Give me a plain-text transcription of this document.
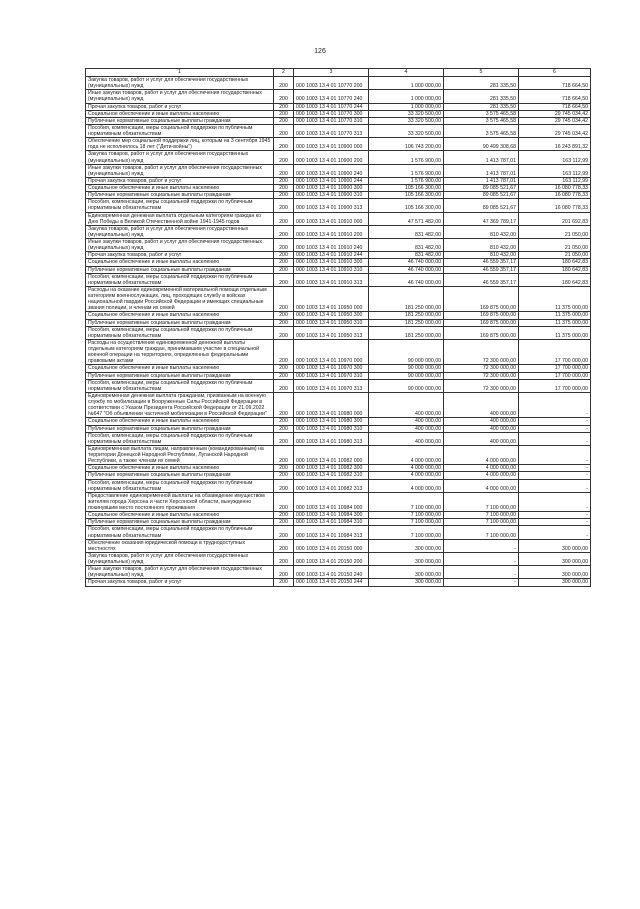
126
1	2	3	4	5	6
Закупка товаров, работ и услуг для обеспечения государственных (муниципальных) нужд	200	000 1003 13 4 01 10770 200	1 000 000,00	281 335,50	718 664,50
Иные закупки товаров, работ и услуг для обеспечения государственных (муниципальных) нужд	200	000 1003 13 4 01 10770 240	1 000 000,00	281 335,50	718 664,50
Прочая закупка товаров, работ и услуг	200	000 1003 13 4 01 10770 244	1 000 000,00	281 335,50	718 664,50
Социальное обеспечение и иные выплаты населению	200	000 1003 13 4 01 10770 300	33 320 500,00	3 575 465,58	29 745 034,42
Публичные нормативные социальные выплаты гражданам	200	000 1003 13 4 01 10770 310	33 320 500,00	3 575 465,58	29 745 034,42
Пособия, компенсации, меры социальной поддержки по публичным нормативным обязательствам	200	000 1003 13 4 01 10770 313	33 320 500,00	3 575 465,58	29 745 034,42
Обеспечение мер социальной поддержки лиц, которым на 3 сентября 1945 года не исполнилось 18 лет ("Дети-войны")	200	000 1003 13 4 01 10900 000	106 743 200,00	90 499 308,68	16 243 891,32
Закупка товаров, работ и услуг для обеспечения государственных (муниципальных) нужд	200	000 1003 13 4 01 10900 200	1 576 900,00	1 413 787,01	163 112,99
Иные закупки товаров, работ и услуг для обеспечения государственных (муниципальных) нужд	200	000 1003 13 4 01 10900 240	1 576 900,00	1 413 787,01	163 112,99
Прочая закупка товаров, работ и услуг	200	000 1003 13 4 01 10900 244	1 576 900,00	1 413 787,01	163 112,99
Социальное обеспечение и иные выплаты населению	200	000 1003 13 4 01 10900 300	105 166 300,00	89 085 521,67	16 080 778,33
Публичные нормативные социальные выплаты гражданам	200	000 1003 13 4 01 10900 310	105 166 300,00	89 085 521,67	16 080 778,33
Пособия, компенсации, меры социальной поддержки по публичным нормативным обязательствам	200	000 1003 13 4 01 10900 313	105 166 300,00	89 085 521,67	16 080 778,33
Единовременная денежная выплата отдельным категориям граждан ко Дню Победы в Великой Отечественной войне 1941-1945 годов	200	000 1003 13 4 01 10910 000	47 571 482,00	47 369 789,17	201 692,83
Закупка товаров, работ и услуг для обеспечения государственных (муниципальных) нужд	200	000 1003 13 4 01 10910 200	831 482,00	810 432,00	21 050,00
Иные закупки товаров, работ и услуг для обеспечения государственных (муниципальных) нужд	200	000 1003 13 4 01 10910 240	831 482,00	810 432,00	21 050,00
Прочая закупка товаров, работ и услуг	200	000 1003 13 4 01 10910 244	831 482,00	810 432,00	21 050,00
Социальное обеспечение и иные выплаты населению	200	000 1003 13 4 01 10910 300	46 740 000,00	46 559 357,17	180 642,83
Публичные нормативные социальные выплаты гражданам	200	000 1003 13 4 01 10910 310	46 740 000,00	46 559 357,17	180 642,83
Пособия, компенсации, меры социальной поддержки по публичным нормативным обязательствам	200	000 1003 13 4 01 10910 313	46 740 000,00	46 559 357,17	180 642,83
Расходы на оказание единовременной материальной помощи отдельным категориям военнослужащих, лиц, проходящих службу в войсках национальной гвардии Российской Федерации и имеющих специальные звания полиции, и членам их семей	200	000 1003 13 4 01 10950 000	181 250 000,00	169 875 000,00	11 375 000,00
Социальное обеспечение и иные выплаты населению	200	000 1003 13 4 01 10950 300	181 250 000,00	169 875 000,00	11 375 000,00
Публичные нормативные социальные выплаты гражданам	200	000 1003 13 4 01 10950 310	181 250 000,00	169 875 000,00	11 375 000,00
Пособия, компенсации, меры социальной поддержки по публичным нормативным обязательствам	200	000 1003 13 4 01 10950 313	181 250 000,00	169 875 000,00	11 375 000,00
Расходы на осуществление единовременной денежной выплаты отдельным категориям граждан, принимавшим участие в специальной военной операции на территориях, определенных федеральными правовыми актами	200	000 1003 13 4 01 10970 000	90 000 000,00	72 300 000,00	17 700 000,00
Социальное обеспечение и иные выплаты населению	200	000 1003 13 4 01 10970 300	90 000 000,00	72 300 000,00	17 700 000,00
Публичные нормативные социальные выплаты гражданам	200	000 1003 13 4 01 10970 310	90 000 000,00	72 300 000,00	17 700 000,00
Пособия, компенсации, меры социальной поддержки по публичным нормативным обязательствам	200	000 1003 13 4 01 10970 313	90 000 000,00	72 300 000,00	17 700 000,00
Единовременная денежная выплата гражданам, призванным на военную службу по мобилизации в Вооруженные Силы Российской Федерации в соответствии с Указом Президента Российской Федерации от 21.09.2022 №647 "Об объявлении частичной мобилизации в Российской Федерации"	200	000 1003 13 4 01 10980 000	400 000,00	400 000,00	-
Социальное обеспечение и иные выплаты населению	200	000 1003 13 4 01 10980 300	400 000,00	400 000,00	-
Публичные нормативные социальные выплаты гражданам	200	000 1003 13 4 01 10980 310	400 000,00	400 000,00	-
Пособия, компенсации, меры социальной поддержки по публичным нормативным обязательствам	200	000 1003 13 4 01 10980 313	400 000,00	400 000,00	-
Единовременная выплата лицам, направленным (командированным) на территории Донецкой Народной Республики, Луганской Народной Республики, а также членам их семей	200	000 1003 13 4 01 10982 000	4 000 000,00	4 000 000,00	-
Социальное обеспечение и иные выплаты населению	200	000 1003 13 4 01 10982 300	4 000 000,00	4 000 000,00	-
Публичные нормативные социальные выплаты гражданам	200	000 1003 13 4 01 10982 310	4 000 000,00	4 000 000,00	-
Пособия, компенсации, меры социальной поддержки по публичным нормативным обязательствам	200	000 1003 13 4 01 10982 313	4 000 000,00	4 000 000,00	-
Предоставление единовременной выплаты на обзаведение имуществом жителям города Херсона и части Херсонской области, вынужденно покинувшим место постоянного проживания	200	000 1003 13 4 01 10984 000	7 100 000,00	7 100 000,00	-
Социальное обеспечение и иные выплаты населению	200	000 1003 13 4 01 10984 300	7 100 000,00	7 100 000,00	-
Публичные нормативные социальные выплаты гражданам	200	000 1003 13 4 01 10984 310	7 100 000,00	7 100 000,00	-
Пособия, компенсации, меры социальной поддержки по публичным нормативным обязательствам	200	000 1003 13 4 01 10984 313	7 100 000,00	7 100 000,00	-
Обеспечение оказания юридической помощи в труднодоступных местностях	200	000 1003 13 4 01 20150 000	300 000,00	-	300 000,00
Закупка товаров, работ и услуг для обеспечения государственных (муниципальных) нужд	200	000 1003 13 4 01 20150 200	300 000,00	-	300 000,00
Иные закупки товаров, работ и услуг для обеспечения государственных (муниципальных) нужд	200	000 1003 13 4 01 20150 240	300 000,00	-	300 000,00
Прочая закупка товаров, работ и услуг	200	000 1003 13 4 01 20150 244	300 000,00	-	300 000,00
